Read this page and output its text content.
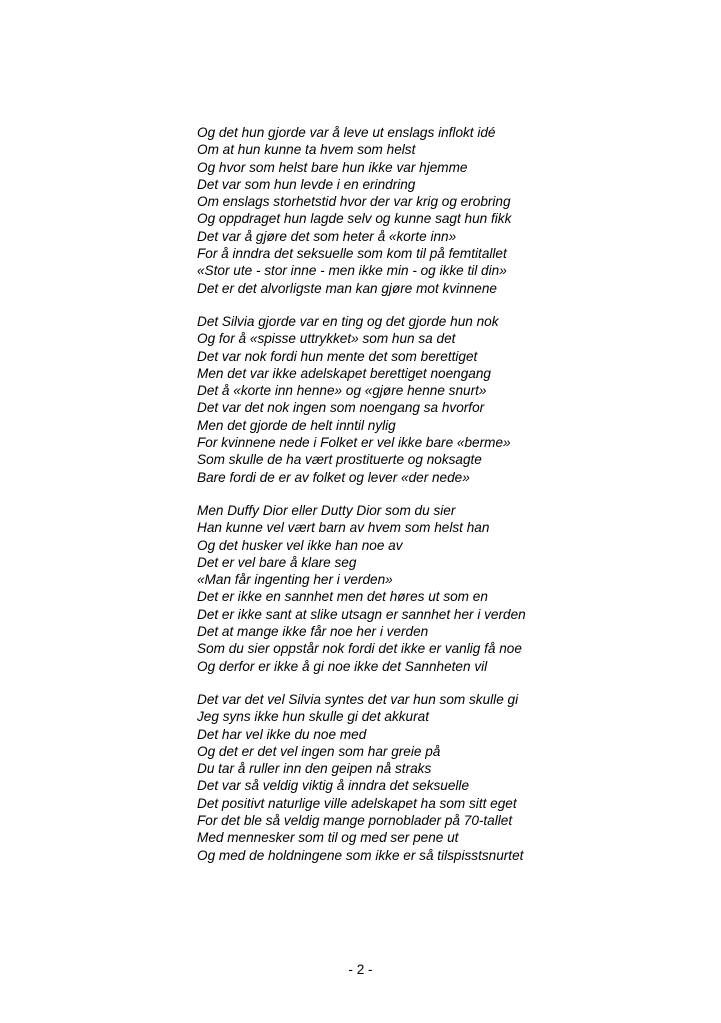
Og det hun gjorde var å leve ut enslags inflokt idé
Om at hun kunne ta hvem som helst
Og hvor som helst bare hun ikke var hjemme
Det var som hun levde i en erindring
Om enslags storhetstid hvor der var krig og erobring
Og oppdraget hun lagde selv og kunne sagt hun fikk
Det var å gjøre det som heter å «korte inn»
For å inndra det seksuelle som kom til på femtitallet
«Stor ute - stor inne - men ikke min - og ikke til din»
Det er det alvorligste man kan gjøre mot kvinnene
Det Silvia gjorde var en ting og det gjorde hun nok
Og for å «spisse uttrykket» som hun sa det
Det var nok fordi hun mente det som berettiget
Men det var ikke adelskapet berettiget noengang
Det å «korte inn henne» og «gjøre henne snurt»
Det var det nok ingen som noengang sa hvorfor
Men det gjorde de helt inntil nylig
For kvinnene nede i Folket er vel ikke bare «berme»
Som skulle de ha vært prostituerte og noksagte
Bare fordi de er av folket og lever «der nede»
Men Duffy Dior eller Dutty Dior som du sier
Han kunne vel vært barn av hvem som helst han
Og det husker vel ikke han noe av
Det er vel bare å klare seg
«Man får ingenting her i verden»
Det er ikke en sannhet men det høres ut som en
Det er ikke sant at slike utsagn er sannhet her i verden
Det at mange ikke får noe her i verden
Som du sier oppstår nok fordi det ikke er vanlig få noe
Og derfor er ikke å gi noe ikke det Sannheten vil
Det var det vel Silvia syntes det var hun som skulle gi
Jeg syns ikke hun skulle gi det akkurat
Det har vel ikke du noe med
Og det er det vel ingen som har greie på
Du tar å ruller inn den geipen nå straks
Det var så veldig viktig å inndra det seksuelle
Det positivt naturlige ville adelskapet ha som sitt eget
For det ble så veldig mange pornoblader på 70-tallet
Med mennesker som til og med ser pene ut
Og med de holdningene som ikke er så tilspisstsnurtet
- 2 -
